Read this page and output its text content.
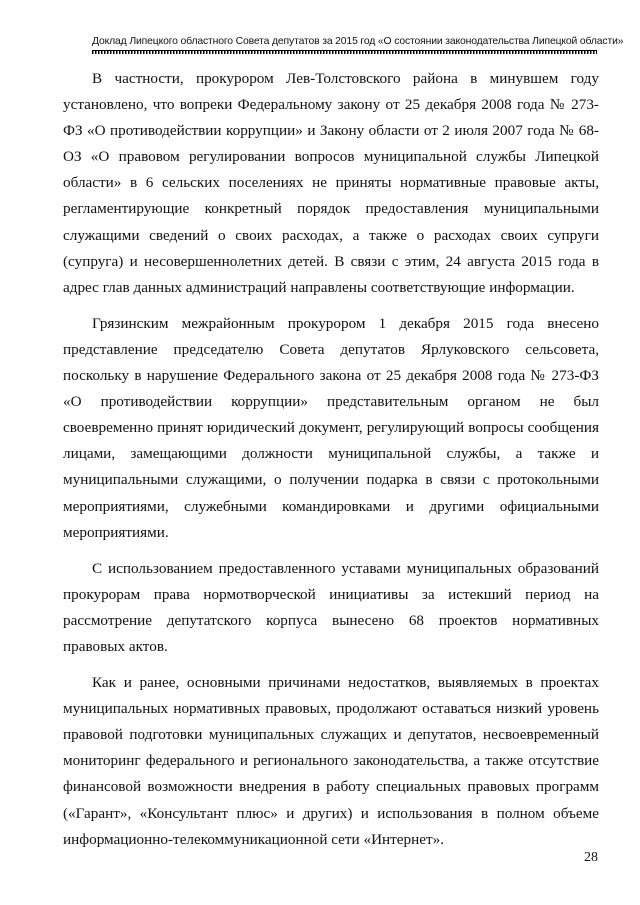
Доклад Липецкого областного Совета депутатов за 2015 год «О состоянии законодательства Липецкой области»

В частности, прокурором Лев-Толстовского района в минувшем году установлено, что вопреки Федеральному закону от 25 декабря 2008 года № 273-ФЗ «О противодействии коррупции» и Закону области от 2 июля 2007 года № 68-ОЗ «О правовом регулировании вопросов муниципальной службы Липецкой области» в 6 сельских поселениях не приняты нормативные правовые акты, регламентирующие конкретный порядок предоставления муниципальными служащими сведений о своих расходах, а также о расходах своих супруги (супруга) и несовершеннолетних детей. В связи с этим, 24 августа 2015 года в адрес глав данных администраций направлены соответствующие информации.

Грязинским межрайонным прокурором 1 декабря 2015 года внесено представление председателю Совета депутатов Ярлуковского сельсовета, поскольку в нарушение Федерального закона от 25 декабря 2008 года № 273-ФЗ «О противодействии коррупции» представительным органом не был своевременно принят юридический документ, регулирующий вопросы сообщения лицами, замещающими должности муниципальной службы, а также и муниципальными служащими, о получении подарка в связи с протокольными мероприятиями, служебными командировками и другими официальными мероприятиями.

С использованием предоставленного уставами муниципальных образований прокурорам права нормотворческой инициативы за истекший период на рассмотрение депутатского корпуса вынесено 68 проектов нормативных правовых актов.

Как и ранее, основными причинами недостатков, выявляемых в проектах муниципальных нормативных правовых, продолжают оставаться низкий уровень правовой подготовки муниципальных служащих и депутатов, несвоевременный мониторинг федерального и регионального законодательства, а также отсутствие финансовой возможности внедрения в работу специальных правовых программ («Гарант», «Консультант плюс» и других) и использования в полном объеме информационно-телекоммуникационной сети «Интернет».

28
